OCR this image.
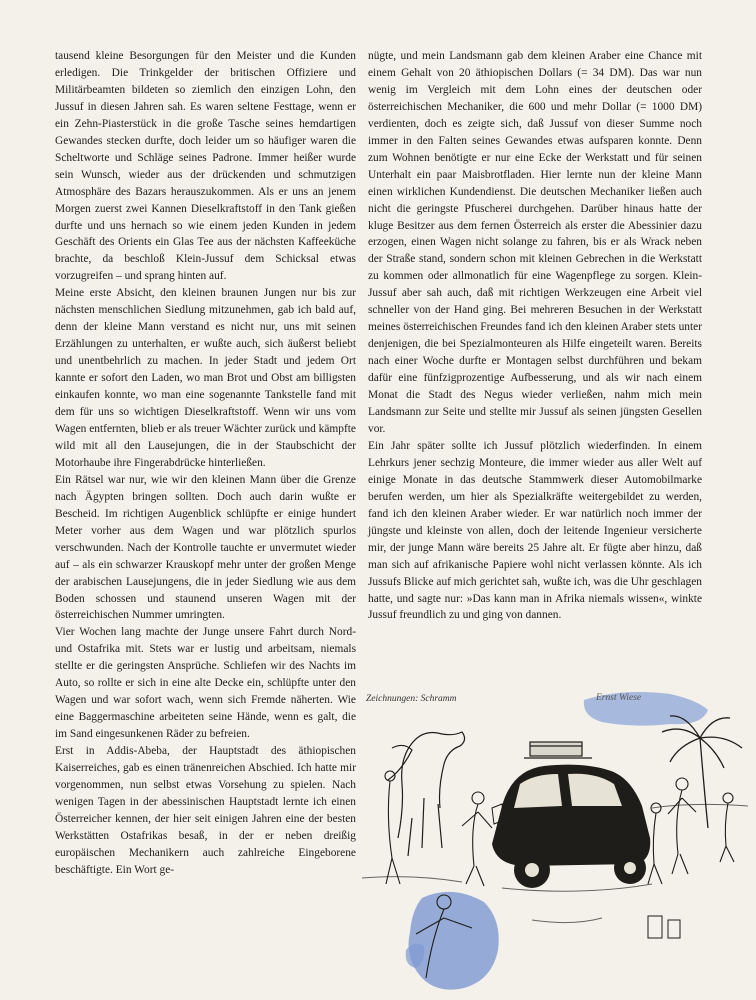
tausend kleine Besorgungen für den Meister und die Kunden erledigen. Die Trinkgelder der britischen Offiziere und Militärbeamten bildeten so ziemlich den einzigen Lohn, den Jussuf in diesen Jahren sah. Es waren seltene Festtage, wenn er ein Zehn-Piasterstück in die große Tasche seines hemdartigen Gewandes stecken durfte, doch leider um so häufiger waren die Scheltworte und Schläge seines Padrone. Immer heißer wurde sein Wunsch, wieder aus der drückenden und schmutzigen Atmosphäre des Bazars herauszukommen. Als er uns an jenem Morgen zuerst zwei Kannen Dieselkraftstoff in den Tank gießen durfte und uns hernach so wie einem jeden Kunden in jedem Geschäft des Orients ein Glas Tee aus der nächsten Kaffeeküche brachte, da beschloß Klein-Jussuf dem Schicksal etwas vorzugreifen – und sprang hinten auf.

Meine erste Absicht, den kleinen braunen Jungen nur bis zur nächsten menschlichen Siedlung mitzunehmen, gab ich bald auf, denn der kleine Mann verstand es nicht nur, uns mit seinen Erzählungen zu unterhalten, er wußte auch, sich äußerst beliebt und unentbehrlich zu machen. In jeder Stadt und jedem Ort kannte er sofort den Laden, wo man Brot und Obst am billigsten einkaufen konnte, wo man eine sogenannte Tankstelle fand mit dem für uns so wichtigen Dieselkraftstoff. Wenn wir uns vom Wagen entfernten, blieb er als treuer Wächter zurück und kämpfte wild mit all den Lausejungen, die in der Staubschicht der Motorhaube ihre Fingerabdrücke hinterließen.

Ein Rätsel war nur, wie wir den kleinen Mann über die Grenze nach Ägypten bringen sollten. Doch auch darin wußte er Bescheid. Im richtigen Augenblick schlüpfte er einige hundert Meter vorher aus dem Wagen und war plötzlich spurlos verschwunden. Nach der Kontrolle tauchte er unvermutet wieder auf – als ein schwarzer Krauskopf mehr unter der großen Menge der arabischen Lausejungens, die in jeder Siedlung wie aus dem Boden schossen und staunend unseren Wagen mit der österreichischen Nummer umringten.

Vier Wochen lang machte der Junge unsere Fahrt durch Nord- und Ostafrika mit. Stets war er lustig und arbeitsam, niemals stellte er die geringsten Ansprüche. Schliefen wir des Nachts im Auto, so rollte er sich in eine alte Decke ein, schlüpfte unter den Wagen und war sofort wach, wenn sich Fremde näherten. Wie eine Baggermaschine arbeiteten seine Hände, wenn es galt, die im Sand eingesunkenen Räder zu befreien.

Erst in Addis-Abeba, der Hauptstadt des äthiopischen Kaiserreiches, gab es einen tränenreichen Abschied. Ich hatte mir vorgenommen, nun selbst etwas Vorsehung zu spielen. Nach wenigen Tagen in der abessinischen Hauptstadt lernte ich einen Österreicher kennen, der hier seit einigen Jahren eine der besten Werkstätten Ostafrikas besaß, in der er neben dreißig europäischen Mechanikern auch zahlreiche Eingeborene beschäftigte. Ein Wort ge-

nügte, und mein Landsmann gab dem kleinen Araber eine Chance mit einem Gehalt von 20 äthiopischen Dollars (= 34 DM). Das war nun wenig im Vergleich mit dem Lohn eines der deutschen oder österreichischen Mechaniker, die 600 und mehr Dollar (= 1000 DM) verdienten, doch es zeigte sich, daß Jussuf von dieser Summe noch immer in den Falten seines Gewandes etwas aufsparen konnte. Denn zum Wohnen benötigte er nur eine Ecke der Werkstatt und für seinen Unterhalt ein paar Maisbrotfladen. Hier lernte nun der kleine Mann einen wirklichen Kundendienst. Die deutschen Mechaniker ließen auch nicht die geringste Pfuscherei durchgehen. Darüber hinaus hatte der kluge Besitzer aus dem fernen Österreich als erster die Abessinier dazu erzogen, einen Wagen nicht solange zu fahren, bis er als Wrack neben der Straße stand, sondern schon mit kleinen Gebrechen in die Werkstatt zu kommen oder allmonatlich für eine Wagenpflege zu sorgen. Klein-Jussuf aber sah auch, daß mit richtigen Werkzeugen eine Arbeit viel schneller von der Hand ging. Bei mehreren Besuchen in der Werkstatt meines österreichischen Freundes fand ich den kleinen Araber stets unter denjenigen, die bei Spezialmonteuren als Hilfe eingeteilt waren. Bereits nach einer Woche durfte er Montagen selbst durchführen und bekam dafür eine fünfzigprozentige Aufbesserung, und als wir nach einem Monat die Stadt des Negus wieder verließen, nahm mich mein Landsmann zur Seite und stellte mir Jussuf als seinen jüngsten Gesellen vor.

Ein Jahr später sollte ich Jussuf plötzlich wiederfinden. In einem Lehrkurs jener sechzig Monteure, die immer wieder aus aller Welt auf einige Monate in das deutsche Stammwerk dieser Automobilmarke berufen werden, um hier als Spezialkräfte weitergebildet zu werden, fand ich den kleinen Araber wieder. Er war natürlich noch immer der jüngste und kleinste von allen, doch der leitende Ingenieur versicherte mir, der junge Mann wäre bereits 25 Jahre alt. Er fügte aber hinzu, daß man sich auf afrikanische Papiere wohl nicht verlassen könnte. Als ich Jussufs Blicke auf mich gerichtet sah, wußte ich, was die Uhr geschlagen hatte, und sagte nur: »Das kann man in Afrika niemals wissen«, winkte Jussuf freundlich zu und ging von dannen.

Zeichnungen: Schramm	Ernst Wiese
